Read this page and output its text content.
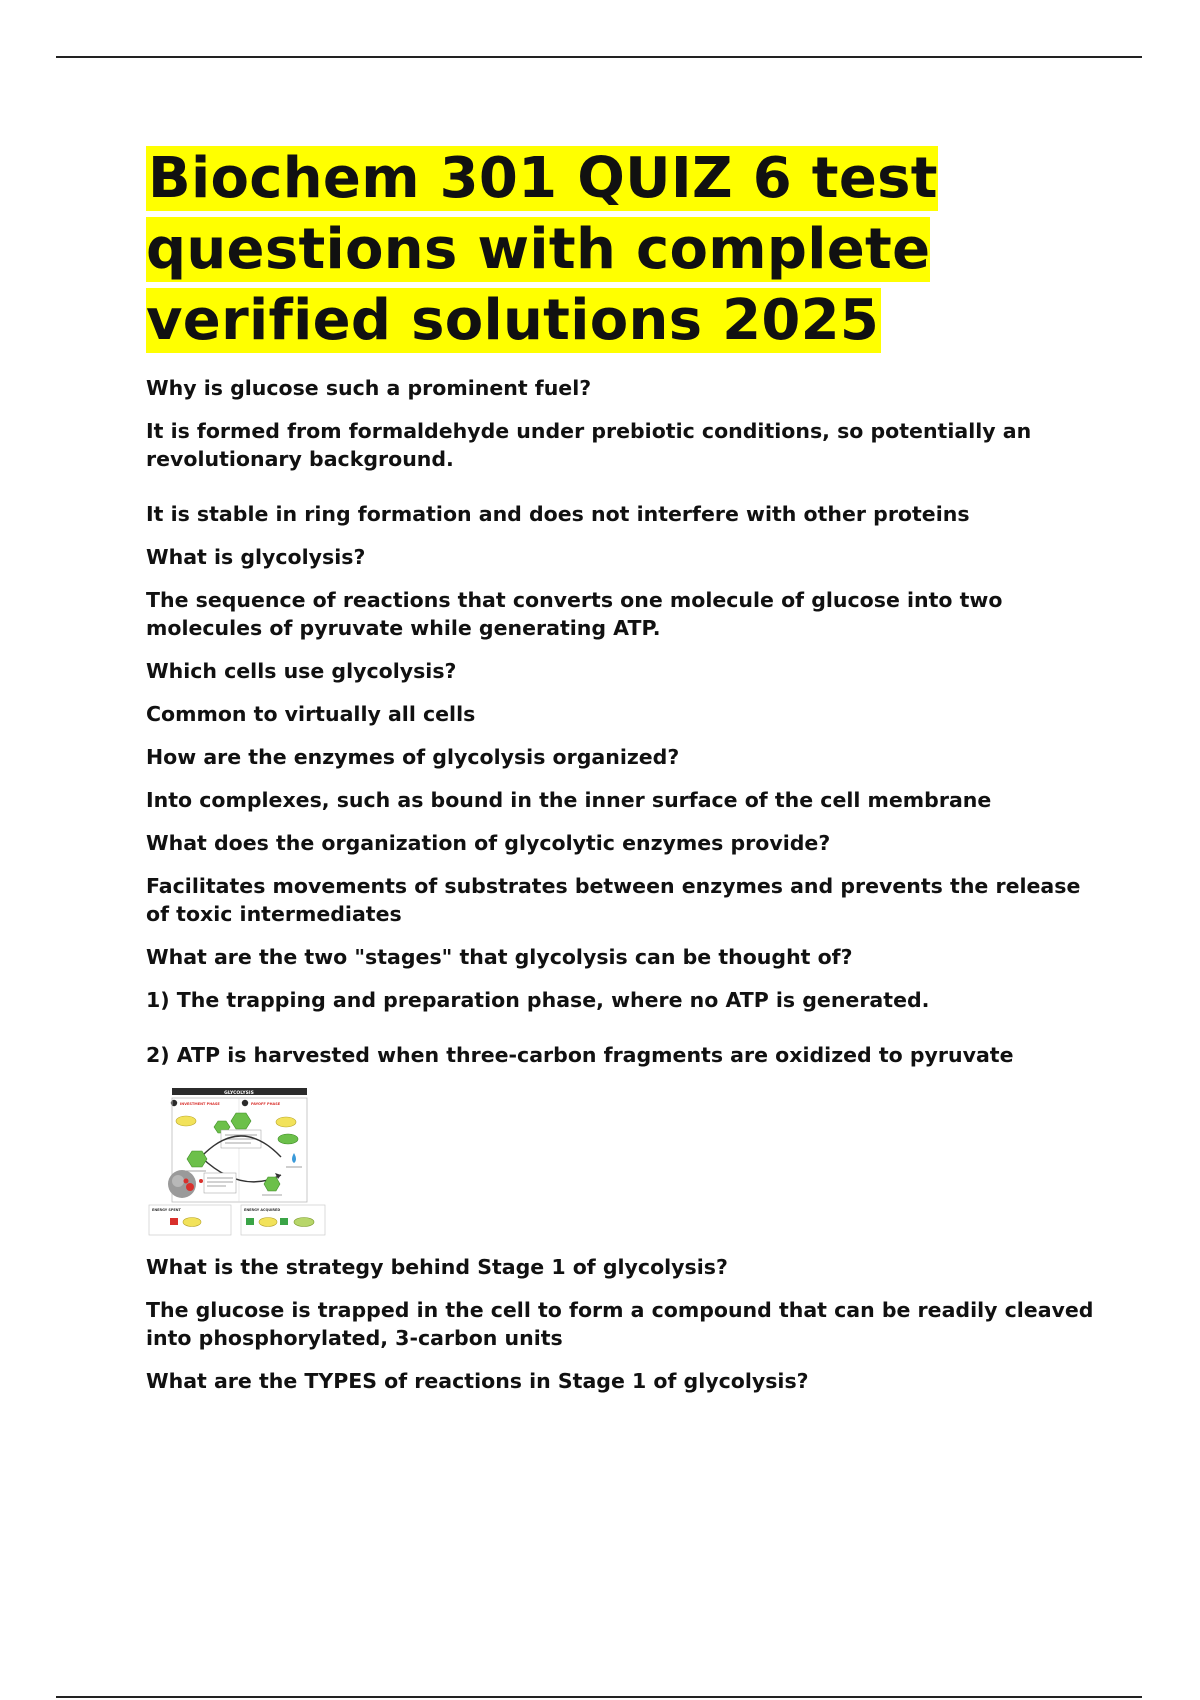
Biochem 301 QUIZ 6 test questions with complete verified solutions 2025

Why is glucose such a prominent fuel?

It is formed from formaldehyde under prebiotic conditions, so potentially an revolutionary background.

It is stable in ring formation and does not interfere with other proteins

What is glycolysis?

The sequence of reactions that converts one molecule of glucose into two molecules of pyruvate while generating ATP.

Which cells use glycolysis?

Common to virtually all cells

How are the enzymes of glycolysis organized?

Into complexes, such as bound in the inner surface of the cell membrane

What does the organization of glycolytic enzymes provide?

Facilitates movements of substrates between enzymes and prevents the release of toxic intermediates

What are the two "stages" that glycolysis can be thought of?

1) The trapping and preparation phase, where no ATP is generated.

2) ATP is harvested when three-carbon fragments are oxidized to pyruvate

GLYCOLYSIS
INVESTMENT PHASE	PAYOFF PHASE
ENERGY SPENT	ENERGY ACQUIRED

What is the strategy behind Stage 1 of glycolysis?

The glucose is trapped in the cell to form a compound that can be readily cleaved into phosphorylated, 3-carbon units

What are the TYPES of reactions in Stage 1 of glycolysis?
